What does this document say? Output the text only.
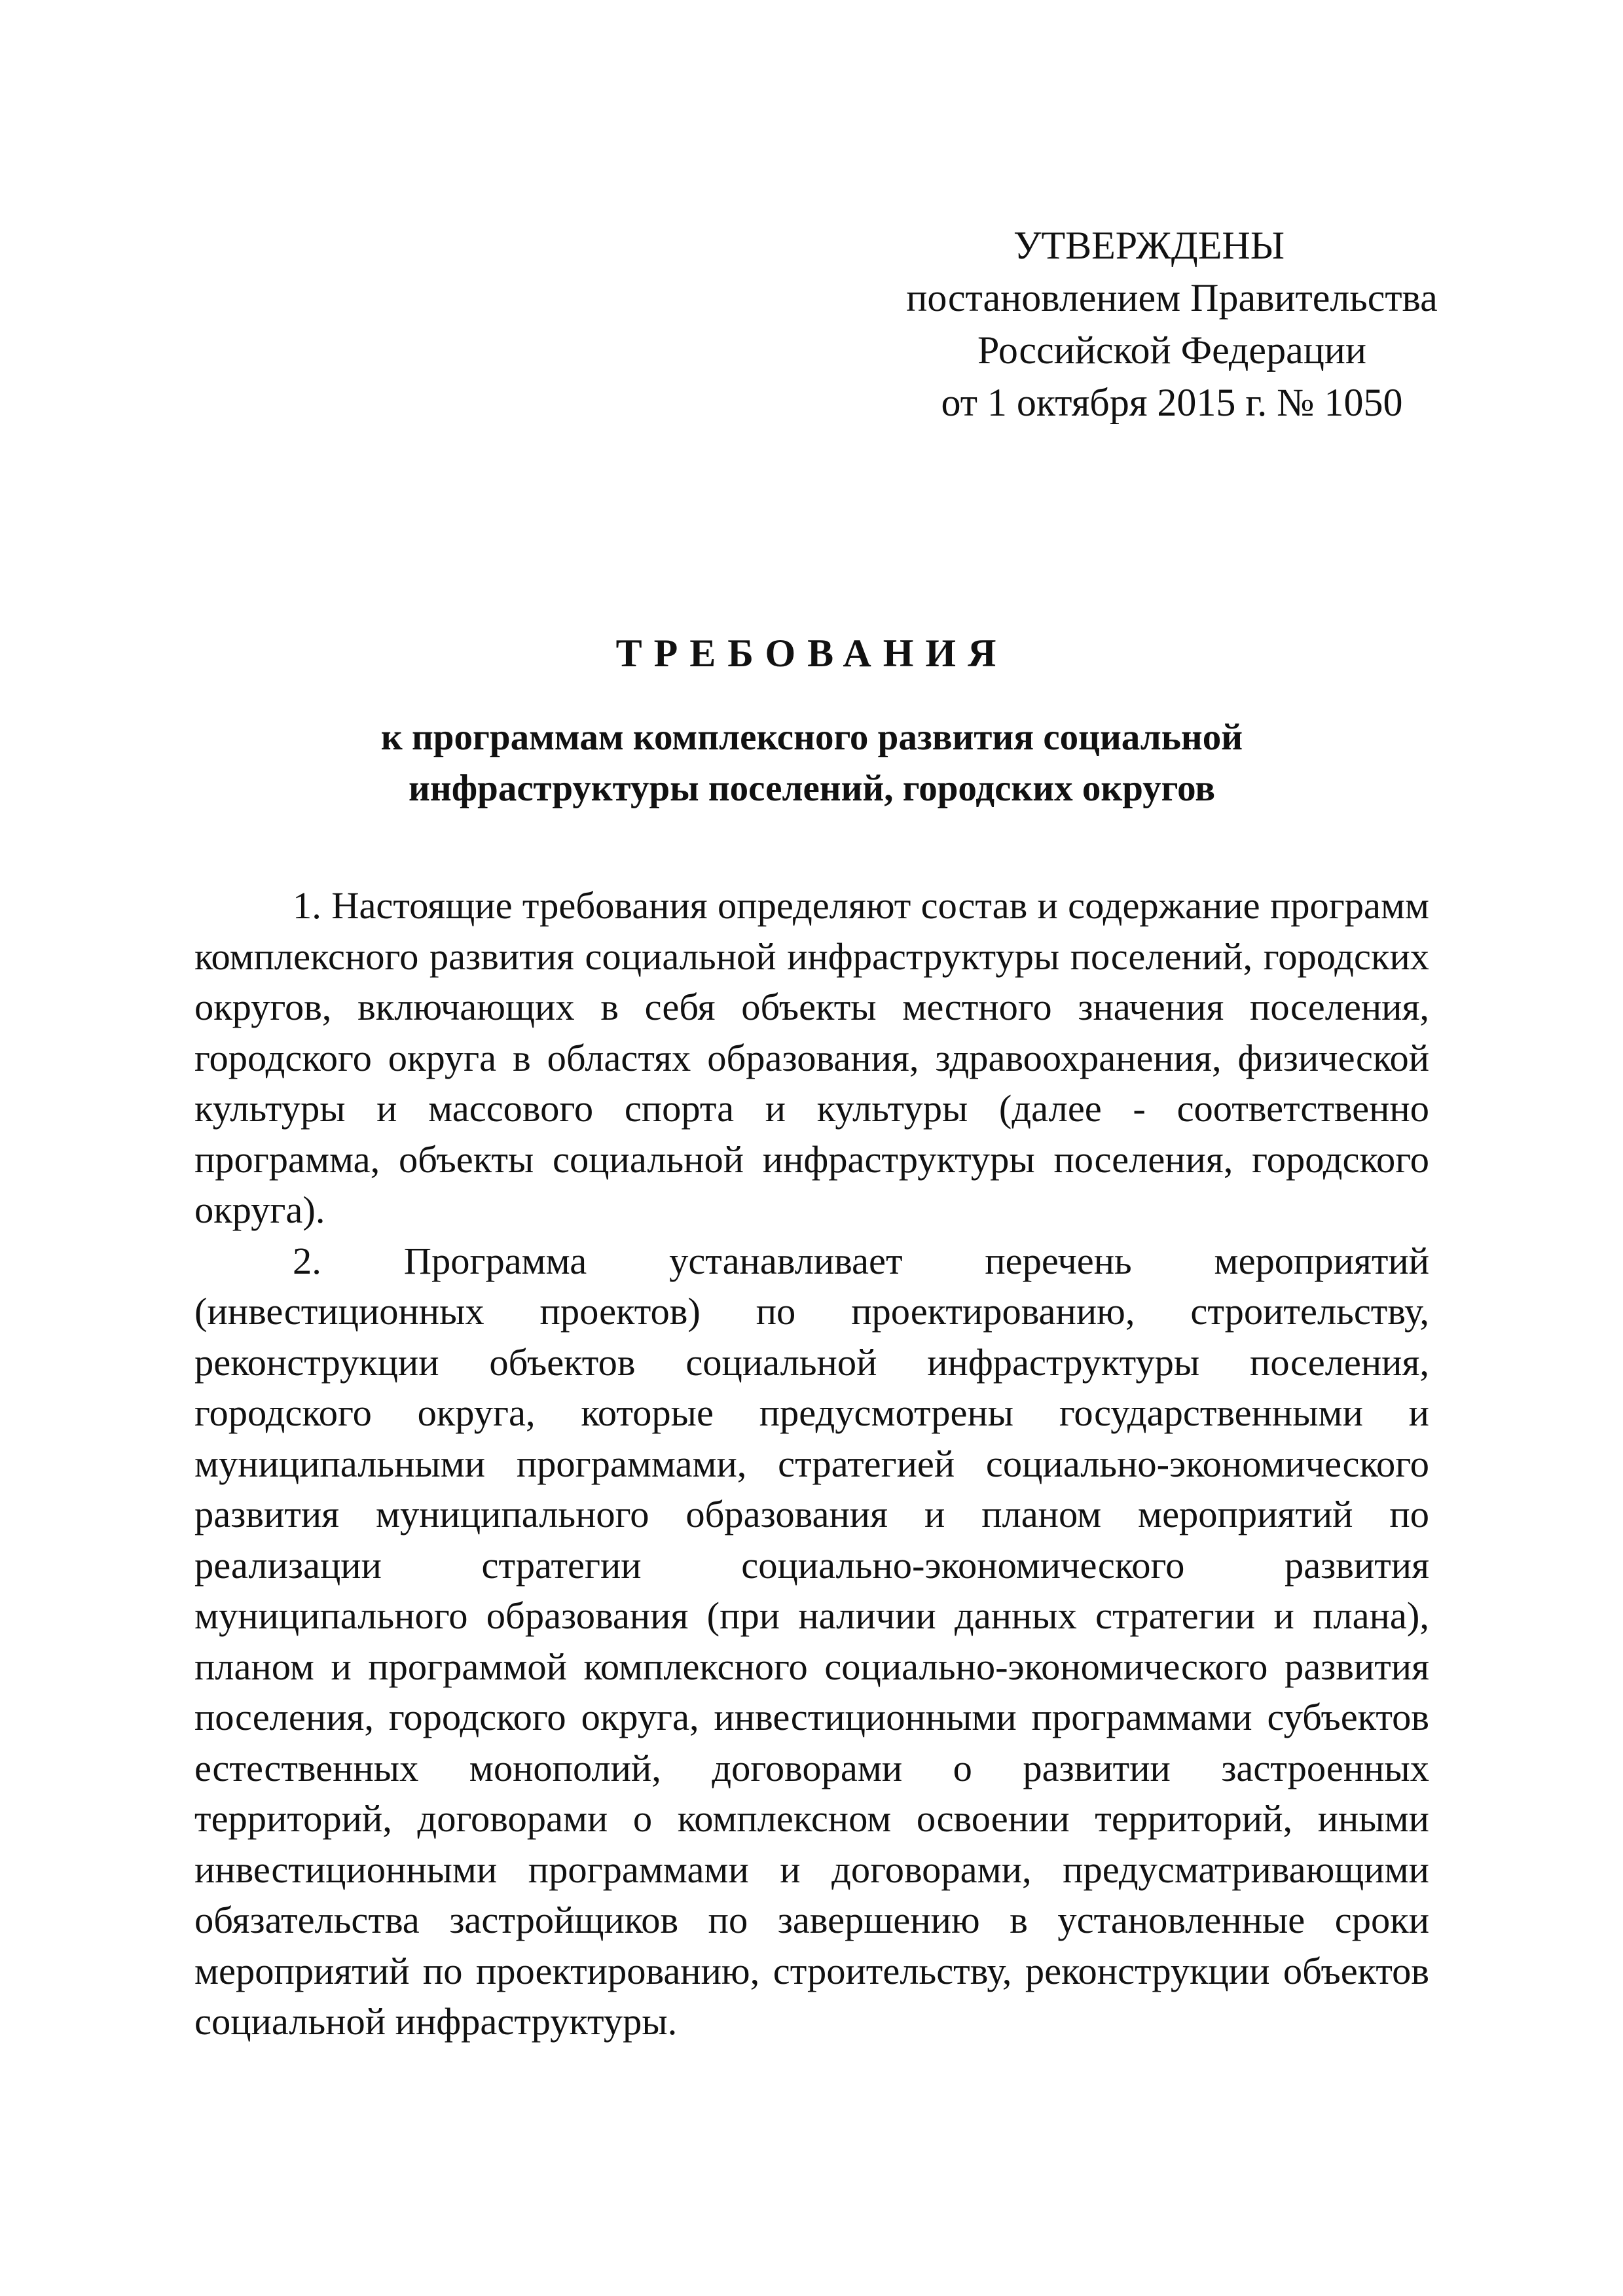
УТВЕРЖДЕНЫ
постановлением Правительства
Российской Федерации
от 1 октября 2015 г. № 1050
ТРЕБОВАНИЯ
к программам комплексного развития социальной
инфраструктуры поселений, городских округов

1. Настоящие требования определяют состав и содержание программ комплексного развития социальной инфраструктуры поселений, городских округов, включающих в себя объекты местного значения поселения, городского округа в областях образования, здравоохранения, физической культуры и массового спорта и культуры (далее - соответственно программа, объекты социальной инфраструктуры поселения, городского округа).

2. Программа устанавливает перечень мероприятий (инвестиционных проектов) по проектированию, строительству, реконструкции объектов социальной инфраструктуры поселения, городского округа, которые предусмотрены государственными и муниципальными программами, стратегией социально-экономического развития муниципального образования и планом мероприятий по реализации стратегии социально-экономического развития муниципального образования (при наличии данных стратегии и плана), планом и программой комплексного социально-экономического развития поселения, городского округа, инвестиционными программами субъектов естественных монополий, договорами о развитии застроенных территорий, договорами о комплексном освоении территорий, иными инвестиционными программами и договорами, предусматривающими обязательства застройщиков по завершению в установленные сроки мероприятий по проектированию, строительству, реконструкции объектов социальной инфраструктуры.
